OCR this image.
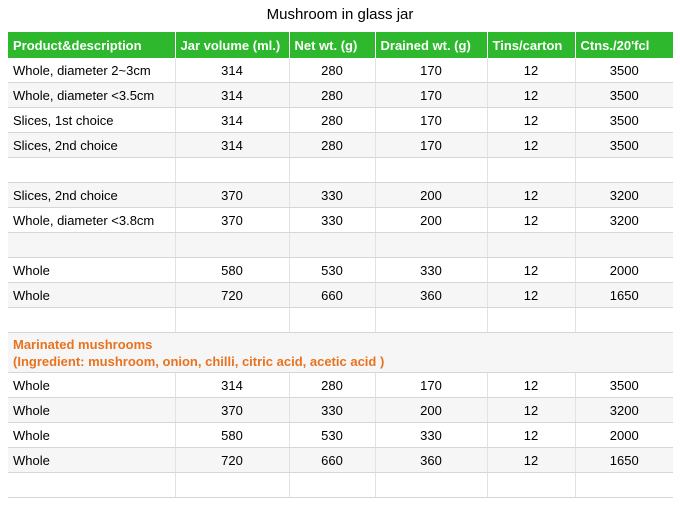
Mushroom in glass jar
Product&description	Jar volume (ml.)	Net wt. (g)	Drained wt. (g)	Tins/carton	Ctns./20'fcl
Whole, diameter 2~3cm	314	280	170	12	3500
Whole, diameter <3.5cm	314	280	170	12	3500
Slices, 1st choice	314	280	170	12	3500
Slices, 2nd choice	314	280	170	12	3500

Slices, 2nd choice	370	330	200	12	3200
Whole, diameter <3.8cm	370	330	200	12	3200

Whole	580	530	330	12	2000
Whole	720	660	360	12	1650

Marinated mushrooms
(Ingredient: mushroom, onion, chilli, citric acid, acetic acid )					

Whole	314	280	170	12	3500
Whole	370	330	200	12	3200
Whole	580	530	330	12	2000
Whole	720	660	360	12	1650
